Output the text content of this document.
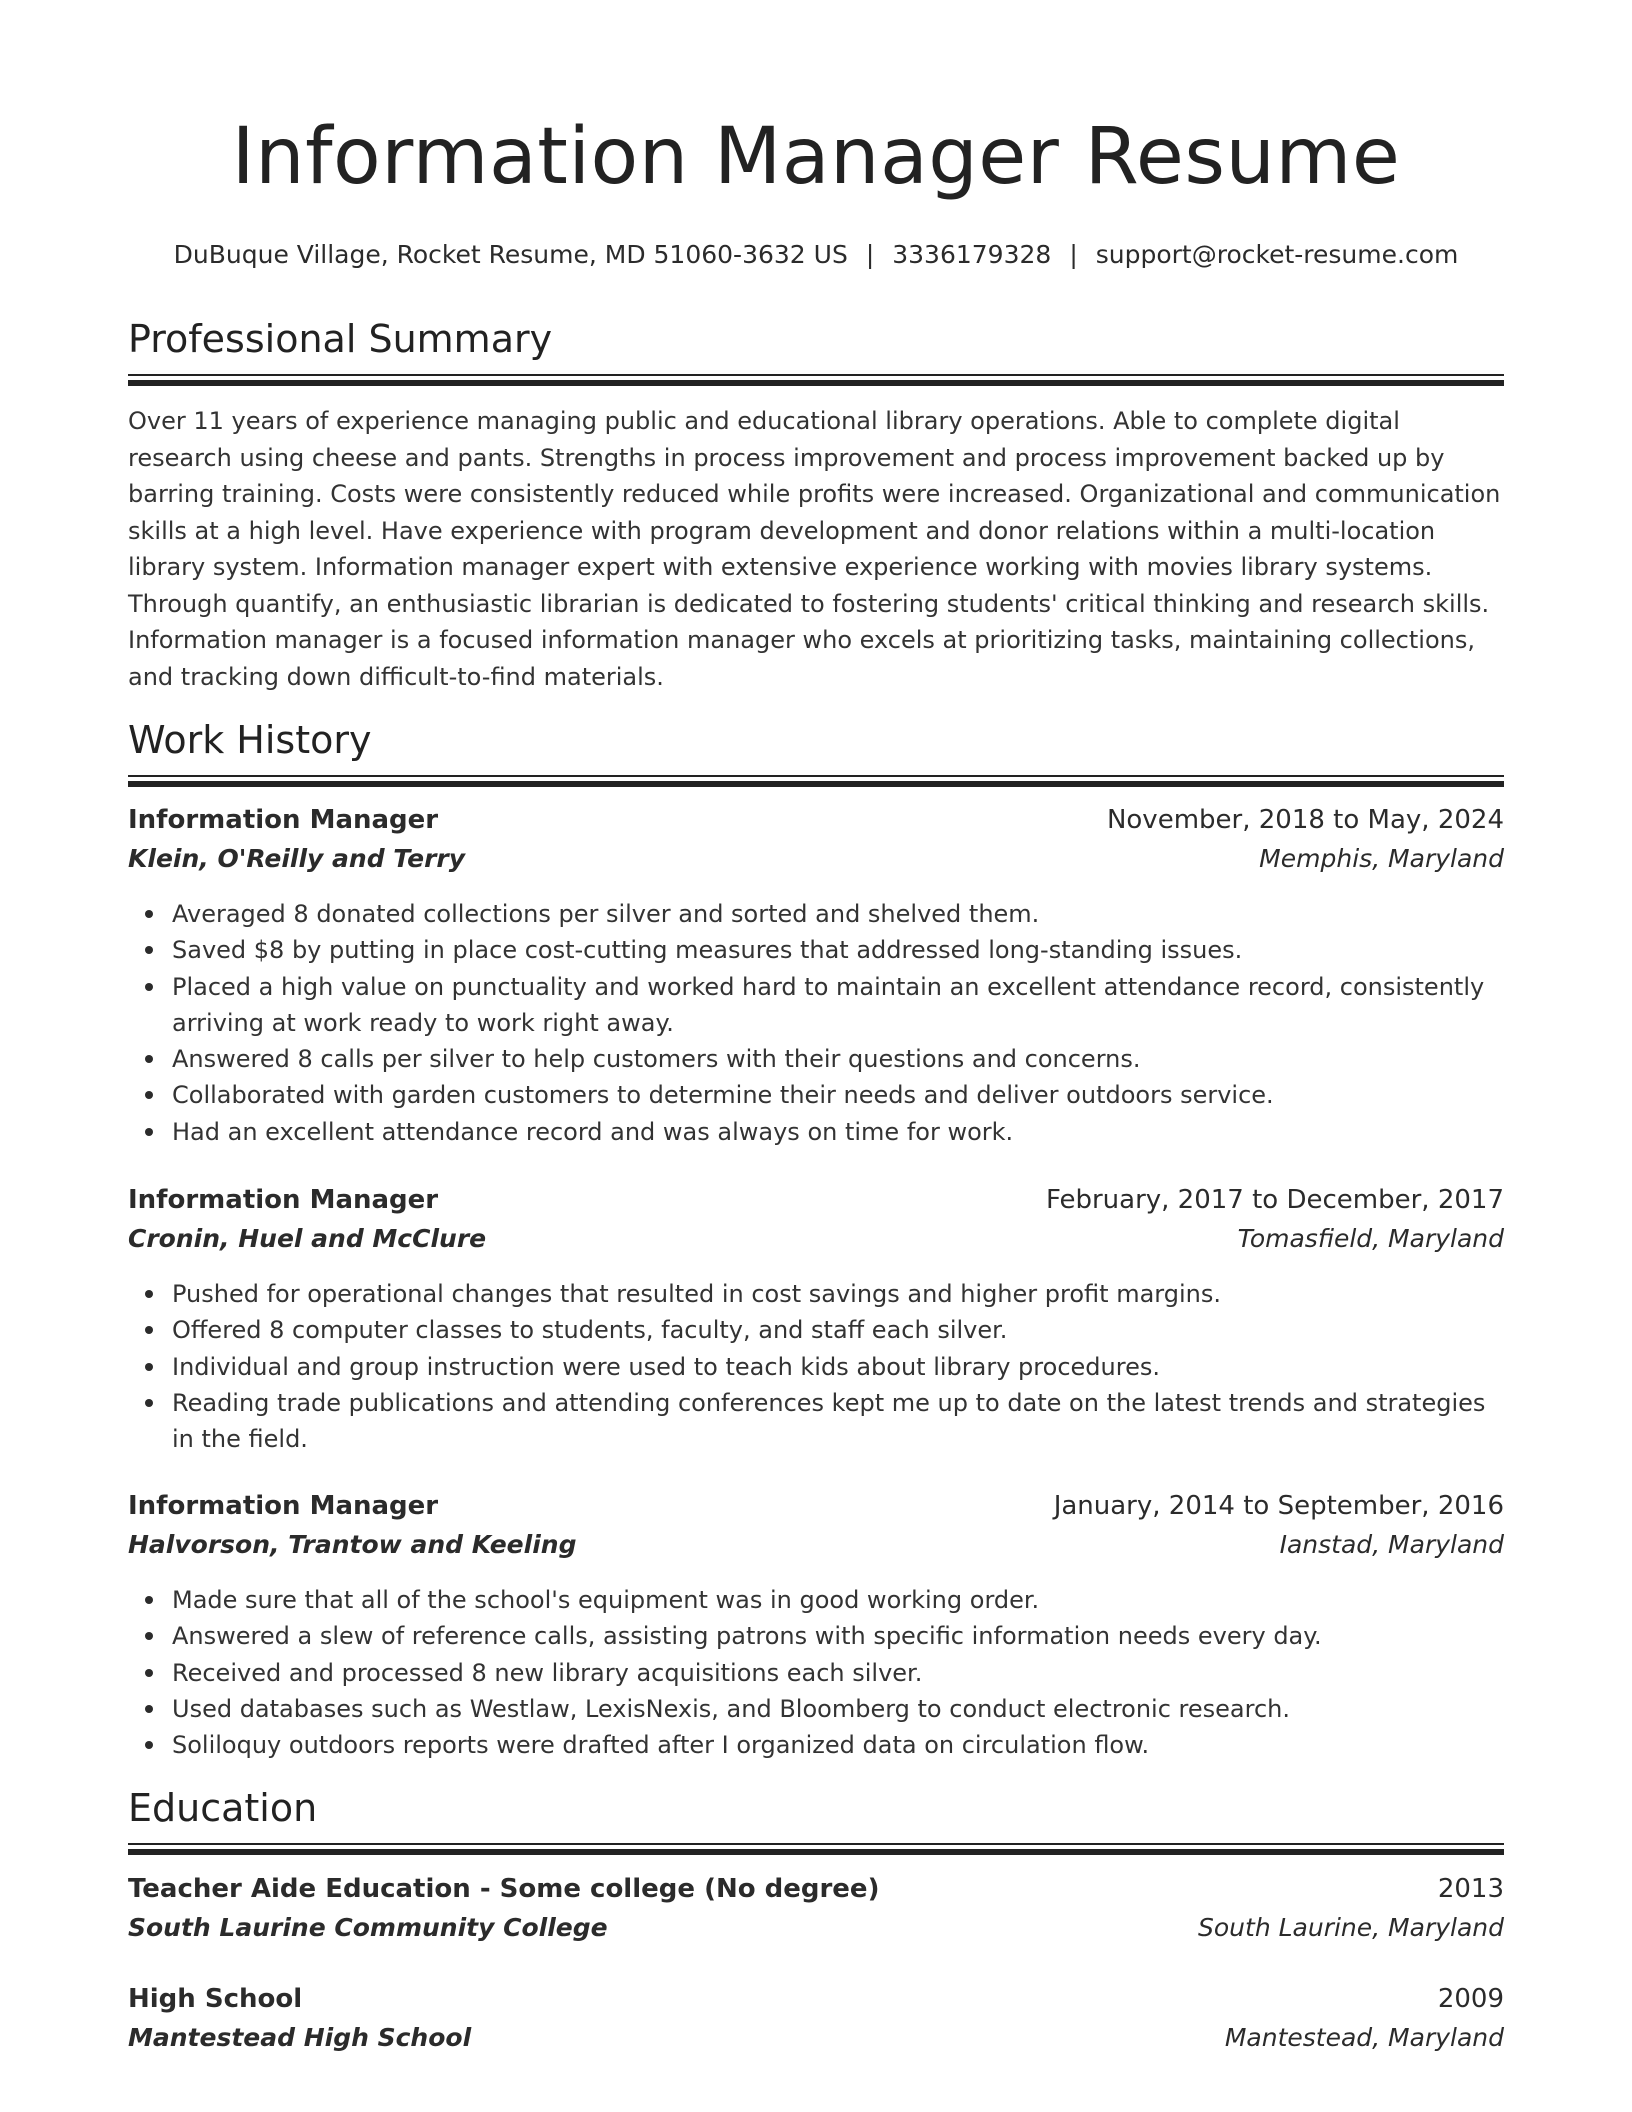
Information Manager Resume
DuBuque Village, Rocket Resume, MD 51060-3632 US | 3336179328 | support@rocket-resume.com
Professional Summary
Over 11 years of experience managing public and educational library operations. Able to complete digital research using cheese and pants. Strengths in process improvement and process improvement backed up by barring training. Costs were consistently reduced while profits were increased. Organizational and communication skills at a high level. Have experience with program development and donor relations within a multi-location library system. Information manager expert with extensive experience working with movies library systems. Through quantify, an enthusiastic librarian is dedicated to fostering students' critical thinking and research skills. Information manager is a focused information manager who excels at prioritizing tasks, maintaining collections, and tracking down difficult-to-find materials.
Work History
Information Manager	November, 2018 to May, 2024
Klein, O'Reilly and Terry	Memphis, Maryland
Averaged 8 donated collections per silver and sorted and shelved them.
Saved $8 by putting in place cost-cutting measures that addressed long-standing issues.
Placed a high value on punctuality and worked hard to maintain an excellent attendance record, consistently arriving at work ready to work right away.
Answered 8 calls per silver to help customers with their questions and concerns.
Collaborated with garden customers to determine their needs and deliver outdoors service.
Had an excellent attendance record and was always on time for work.
Information Manager	February, 2017 to December, 2017
Cronin, Huel and McClure	Tomasfield, Maryland
Pushed for operational changes that resulted in cost savings and higher profit margins.
Offered 8 computer classes to students, faculty, and staff each silver.
Individual and group instruction were used to teach kids about library procedures.
Reading trade publications and attending conferences kept me up to date on the latest trends and strategies in the field.
Information Manager	January, 2014 to September, 2016
Halvorson, Trantow and Keeling	Ianstad, Maryland
Made sure that all of the school's equipment was in good working order.
Answered a slew of reference calls, assisting patrons with specific information needs every day.
Received and processed 8 new library acquisitions each silver.
Used databases such as Westlaw, LexisNexis, and Bloomberg to conduct electronic research.
Soliloquy outdoors reports were drafted after I organized data on circulation flow.
Education
Teacher Aide Education - Some college (No degree)	2013
South Laurine Community College	South Laurine, Maryland
High School	2009
Mantestead High School	Mantestead, Maryland
